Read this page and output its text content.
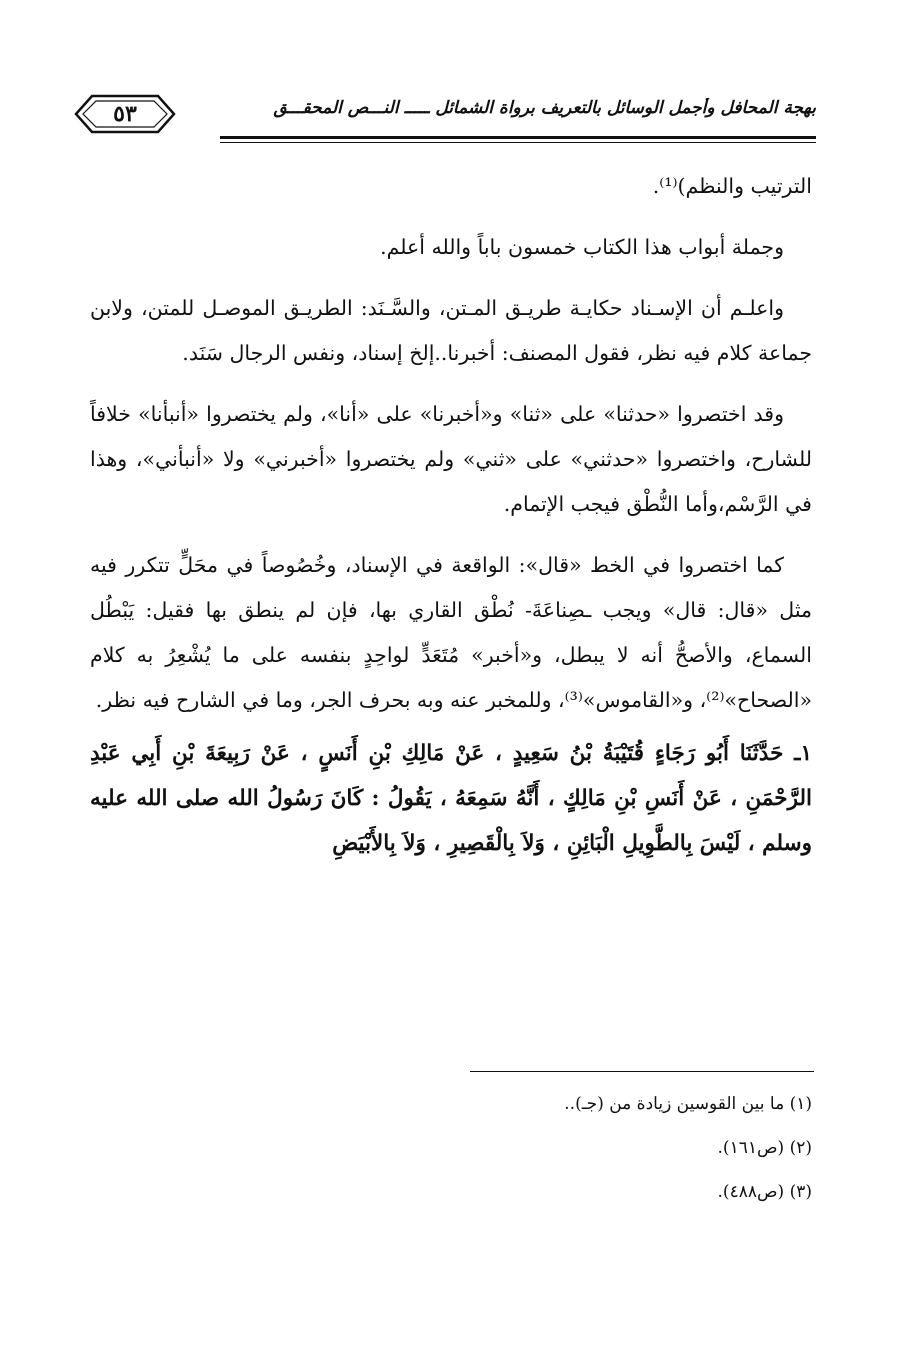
٥٣	بهجة المحافل وأجمل الوسائل بالتعريف برواة الشمائل ـــــ النـــص المحقـــق

الترتيب والنظم)⁽¹⁾.

وجملة أبواب هذا الكتاب خمسون باباً والله أعلم.

واعلـم أن الإسـناد حكايـة طريـق المـتن، والسَّـنَد: الطريـق الموصـل للمتن، ولابن جماعة كلام فيه نظر، فقول المصنف: أخبرنا..إلخ إسناد، ونفس الرجال سَنَد.

وقد اختصروا «حدثنا» على «ثنا» و«أخبرنا» على «أنا»، ولم يختصروا «أنبأنا» خلافاً للشارح، واختصروا «حدثني» على «ثني» ولم يختصروا «أخبرني» ولا «أنبأني»، وهذا في الرَّسْم،وأما النُّطْق فيجب الإتمام.

كما اختصروا في الخط «قال»: الواقعة في الإسناد، وخُصُوصاً في محَلٍّ تتكرر فيه مثل «قال: قال» ويجب ـصِناعَةَ- نُطْق القاري بها، فإن لم ينطق بها فقيل: يَبْطُل السماع، والأصحُّ أنه لا يبطل، و«أخبر» مُتَعَدٍّ لواحِدٍ بنفسه على ما يُشْعِرُ به كلام «الصحاح»⁽²⁾، و«القاموس»⁽³⁾، وللمخبر عنه وبه بحرف الجر، وما في الشارح فيه نظر.

١ـ حَدَّثَنَا أَبُو رَجَاءٍ قُتَيْبَةُ بْنُ سَعِيدٍ ، عَنْ مَالِكِ بْنِ أَنَسٍ ، عَنْ رَبِيعَةَ بْنِ أَبِي عَبْدِ الرَّحْمَنِ ، عَنْ أَنَسِ بْنِ مَالِكٍ ، أَنَّهُ سَمِعَهُ ، يَقُولُ : كَانَ رَسُولُ الله صلى الله عليه وسلم ، لَيْسَ بِالطَّوِيلِ الْبَائِنِ ، وَلاَ بِالْقَصِيرِ ، وَلاَ بِالأَبْيَضِ

(١) ما بين القوسين زيادة من (جـ)..
(٢) (ص١٦١).
(٣) (ص٤٨٨).
